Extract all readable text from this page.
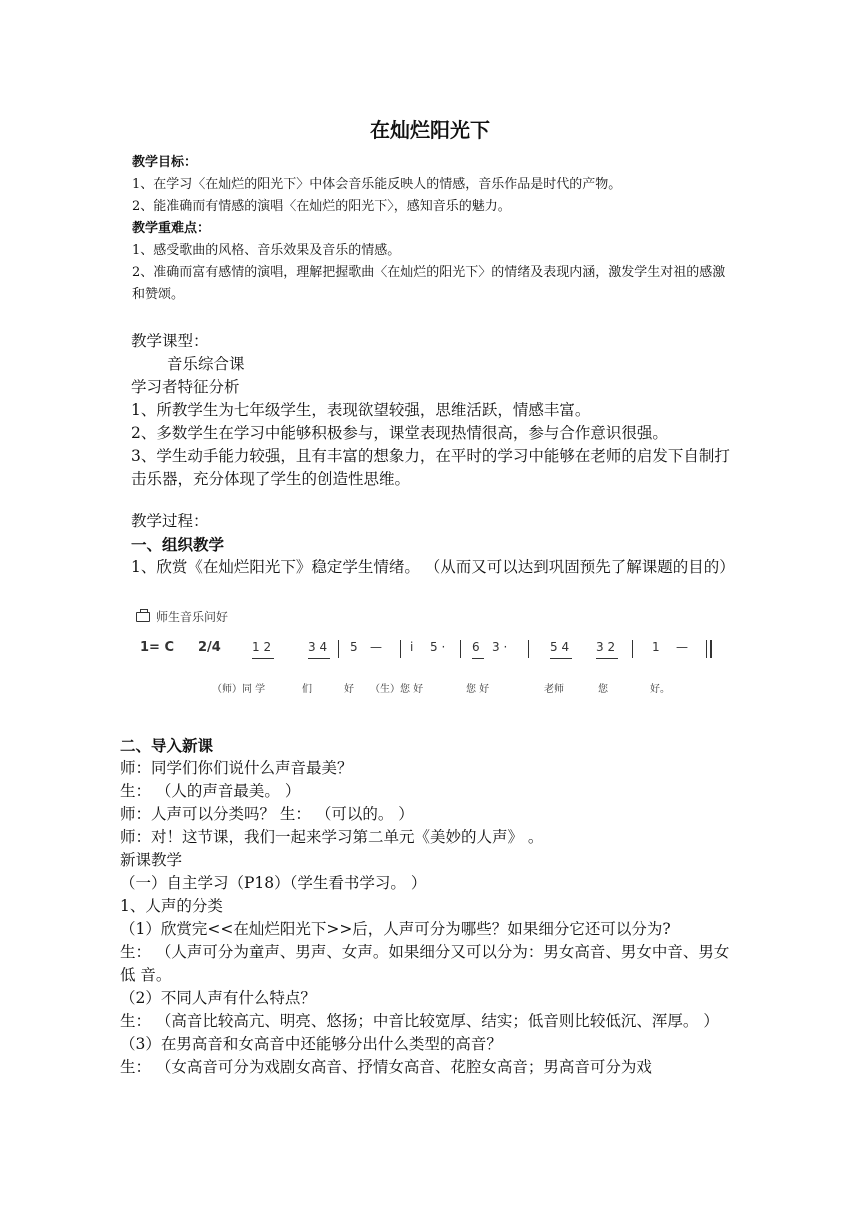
在灿烂阳光下
教学目标：
1、在学习〈在灿烂的阳光下〉中体会音乐能反映人的情感，音乐作品是时代的产物。
2、能准确而有情感的演唱〈在灿烂的阳光下〉，感知音乐的魅力。
教学重难点：
1、感受歌曲的风格、音乐效果及音乐的情感。
2、准确而富有感情的演唱，理解把握歌曲〈在灿烂的阳光下〉的情绪及表现内涵，激发学生对祖的感激和赞颂。
教学课型：
音乐综合课
学习者特征分析
1、所教学生为七年级学生，表现欲望较强，思维活跃，情感丰富。
2、多数学生在学习中能够积极参与，课堂表现热情很高，参与合作意识很强。
3、学生动手能力较强，且有丰富的想象力，在平时的学习中能够在老师的启发下自制打击乐器，充分体现了学生的创造性思维。
教学过程：
一、组织教学
1、欣赏《在灿烂阳光下》稳定学生情绪。 （从而又可以达到巩固预先了解课题的目的）
师生音乐问好
1= C 2/4	1 2	3 4 5 — i 5 · 6 3 ·	5 4 3 2	1 —
（师）同 学	们	好 （生）您 好	您 好	老师	您	好。
二、导入新课
师：同学们你们说什么声音最美？
生： （人的声音最美。 ）
师：人声可以分类吗？ 生： （可以的。 ）
师：对！这节课，我们一起来学习第二单元《美妙的人声》 。
新课教学
（一）自主学习（P18）（学生看书学习。 ）
1、人声的分类
（1）欣赏完<<在灿烂阳光下>>后，人声可分为哪些？如果细分它还可以分为?
生： （人声可分为童声、男声、女声。如果细分又可以分为：男女高音、男女中音、男女低 音。
（2）不同人声有什么特点？
生： （高音比较高亢、明亮、悠扬；中音比较宽厚、结实；低音则比较低沉、浑厚。 ）
（3）在男高音和女高音中还能够分出什么类型的高音？
生： （女高音可分为戏剧女高音、抒情女高音、花腔女高音；男高音可分为戏
